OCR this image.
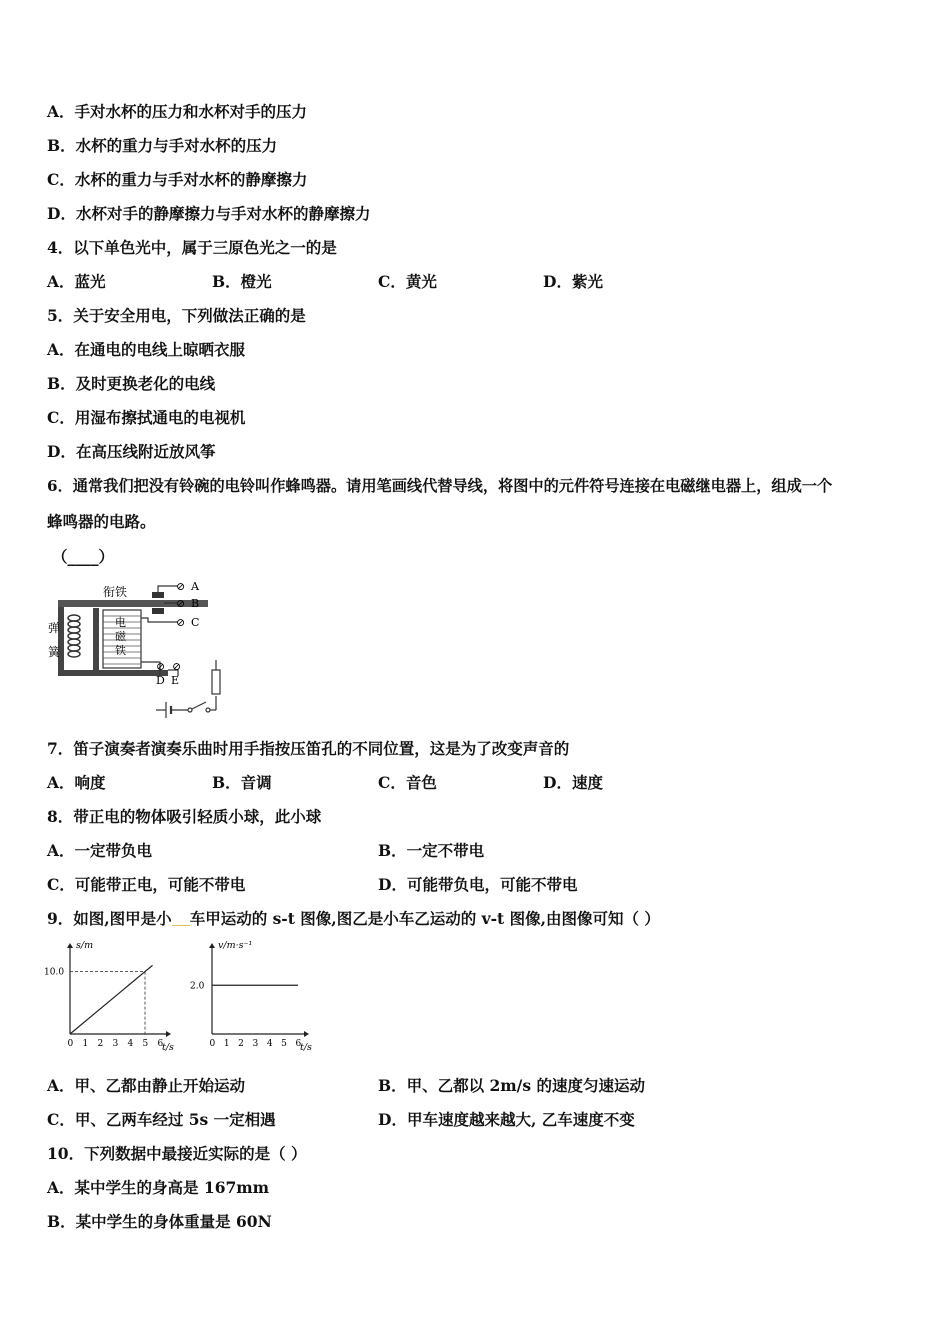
A．手对水杯的压力和水杯对手的压力
B．水杯的重力与手对水杯的压力
C．水杯的重力与手对水杯的静摩擦力
D．水杯对手的静摩擦力与手对水杯的静摩擦力
4．以下单色光中，属于三原色光之一的是
A．蓝光	B．橙光	C．黄光	D．紫光
5．关于安全用电，下列做法正确的是
A．在通电的电线上晾晒衣服
B．及时更换老化的电线
C．用湿布擦拭通电的电视机
D．在高压线附近放风筝
6．通常我们把没有铃碗的电铃叫作蜂鸣器。请用笔画线代替导线，将图中的元件符号连接在电磁继电器上，组成一个
蜂鸣器的电路。
（____）
衔铁
弹
簧
电
磁
铁
⊘
⊘
⊘
⊘ ⊘
A
B
C
D E
7．笛子演奏者演奏乐曲时用手指按压笛孔的不同位置，这是为了改变声音的
A．响度	B．音调	C．音色	D．速度
8．带正电的物体吸引轻质小球，此小球
A．一定带负电	B．一定不带电
C．可能带正电，可能不带电	D．可能带负电，可能不带电
9．如图,图甲是小 车甲运动的 s-t 图像,图乙是小车乙运动的 v-t 图像,由图像可知（ ）
s/m
t/s
0 1 2 3 4 5 6
10.0
v/m·s⁻¹
t/s
0 1 2 3 4 5 6
2.0
A．甲、乙都由静止开始运动	B．甲、乙都以 2m/s 的速度匀速运动
C．甲、乙两车经过 5s 一定相遇	D．甲车速度越来越大, 乙车速度不变
10．下列数据中最接近实际的是（ ）
A．某中学生的身高是 167mm
B．某中学生的身体重量是 60N
